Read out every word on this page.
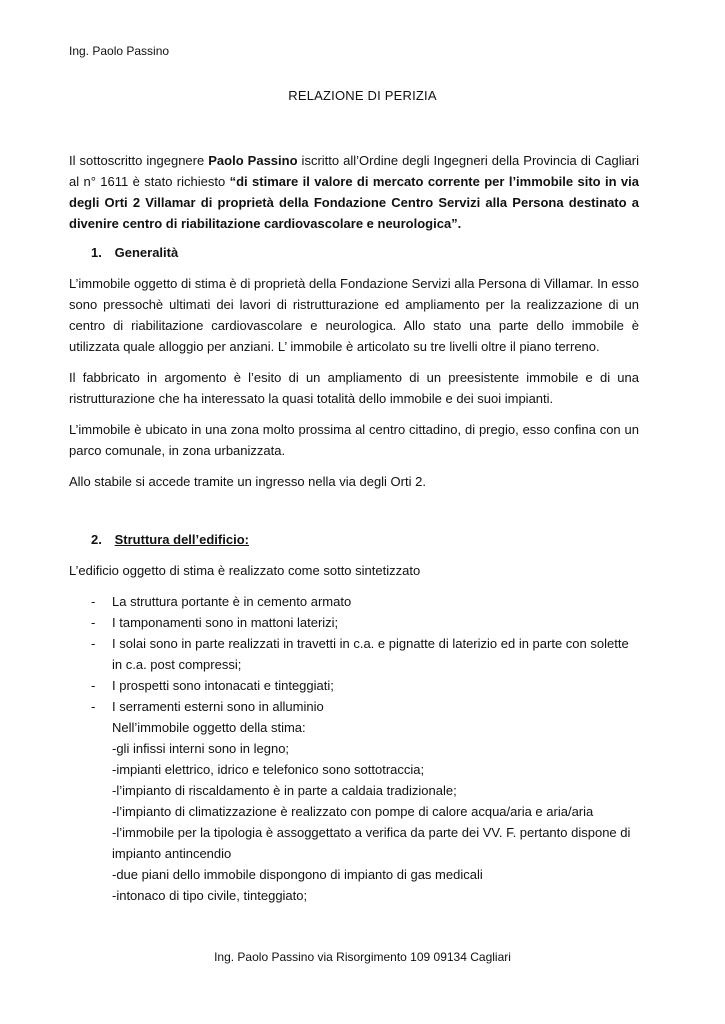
Ing. Paolo Passino
RELAZIONE DI PERIZIA

Il sottoscritto ingegnere Paolo Passino iscritto all’Ordine degli Ingegneri della Provincia di Cagliari al n° 1611 è stato richiesto “di stimare il valore di mercato corrente per l’immobile sito in via degli Orti 2 Villamar di proprietà della Fondazione Centro Servizi alla Persona destinato a divenire centro di riabilitazione cardiovascolare e neurologica”.

1. Generalità

L’immobile oggetto di stima è di proprietà della Fondazione Servizi alla Persona di Villamar. In esso sono pressochè ultimati dei lavori di ristrutturazione ed ampliamento per la realizzazione di un centro di riabilitazione cardiovascolare e neurologica. Allo stato una parte dello immobile è utilizzata quale alloggio per anziani. L’ immobile è articolato su tre livelli oltre il piano terreno.

Il fabbricato in argomento è l’esito di un ampliamento di un preesistente immobile e di una ristrutturazione che ha interessato la quasi totalità dello immobile e dei suoi impianti.

L’immobile è ubicato in una zona molto prossima al centro cittadino, di pregio, esso confina con un parco comunale, in zona urbanizzata.

Allo stabile si accede tramite un ingresso nella via degli Orti 2.

2. Struttura dell’edificio:

L’edificio oggetto di stima è realizzato come sotto sintetizzato

- La struttura portante è in cemento armato
- I tamponamenti sono in mattoni laterizi;
- I solai sono in parte realizzati in travetti in c.a. e pignatte di laterizio ed in parte con solette in c.a. post compressi;
- I prospetti sono intonacati e tinteggiati;
- I serramenti esterni sono in alluminio
Nell’immobile oggetto della stima:
-gli infissi interni sono in legno;
-impianti elettrico, idrico e telefonico sono sottotraccia;
-l’impianto di riscaldamento è in parte a caldaia tradizionale;
-l’impianto di climatizzazione è realizzato con pompe di calore acqua/aria e aria/aria
-l’immobile per la tipologia è assoggettato a verifica da parte dei VV. F. pertanto dispone di impianto antincendio
-due piani dello immobile dispongono di impianto di gas medicali
-intonaco di tipo civile, tinteggiato;
Ing. Paolo Passino via Risorgimento 109 09134 Cagliari
